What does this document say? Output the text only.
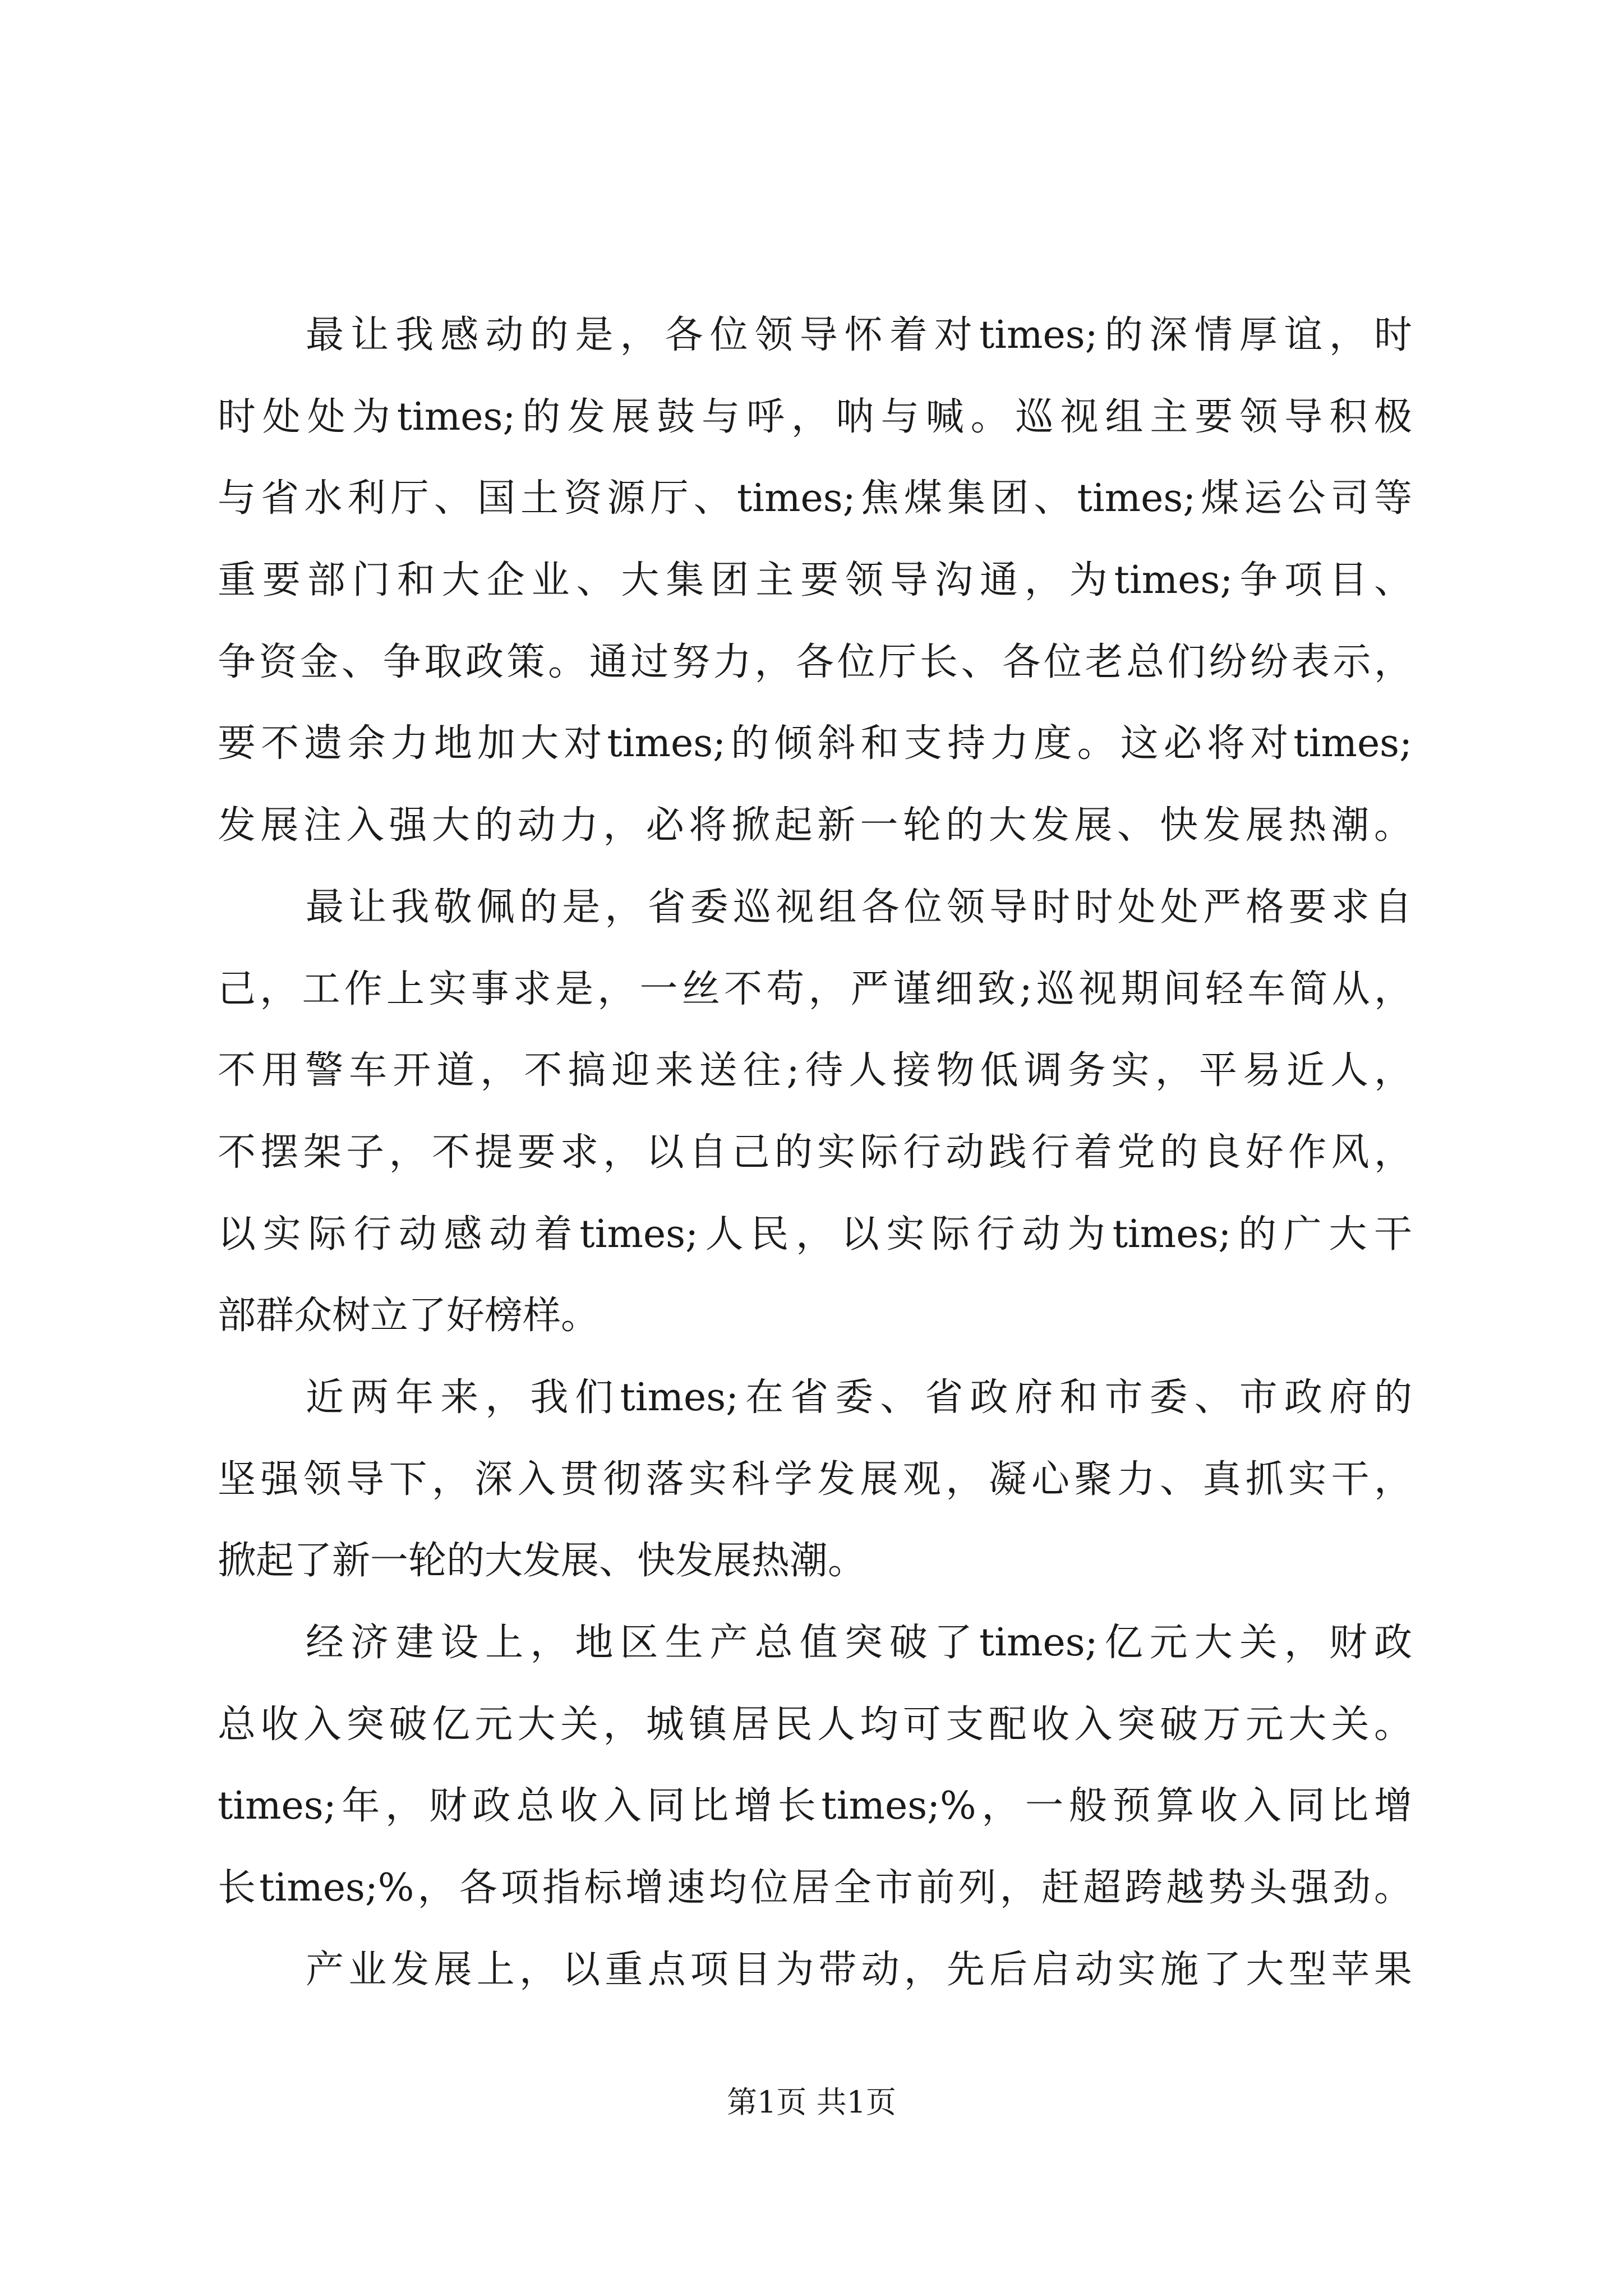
最让我感动的是，各位领导怀着对times;的深情厚谊，时
时处处为times;的发展鼓与呼，呐与喊。巡视组主要领导积极
与省水利厅、国土资源厅、times;焦煤集团、times;煤运公司等
重要部门和大企业、大集团主要领导沟通，为times;争项目、
争资金、争取政策。通过努力，各位厅长、各位老总们纷纷表示，
要不遗余力地加大对times;的倾斜和支持力度。这必将对times;
发展注入强大的动力，必将掀起新一轮的大发展、快发展热潮。
最让我敬佩的是，省委巡视组各位领导时时处处严格要求自
己，工作上实事求是，一丝不苟，严谨细致;巡视期间轻车简从，
不用警车开道，不搞迎来送往;待人接物低调务实，平易近人，
不摆架子，不提要求，以自己的实际行动践行着党的良好作风，
以实际行动感动着times;人民，以实际行动为times;的广大干
部群众树立了好榜样。
近两年来，我们times;在省委、省政府和市委、市政府的
坚强领导下，深入贯彻落实科学发展观，凝心聚力、真抓实干，
掀起了新一轮的大发展、快发展热潮。
经济建设上，地区生产总值突破了times;亿元大关，财政
总收入突破亿元大关，城镇居民人均可支配收入突破万元大关。
times;年，财政总收入同比增长times;%，一般预算收入同比增
长times;%，各项指标增速均位居全市前列，赶超跨越势头强劲。
产业发展上，以重点项目为带动，先后启动实施了大型苹果
第1页 共1页
